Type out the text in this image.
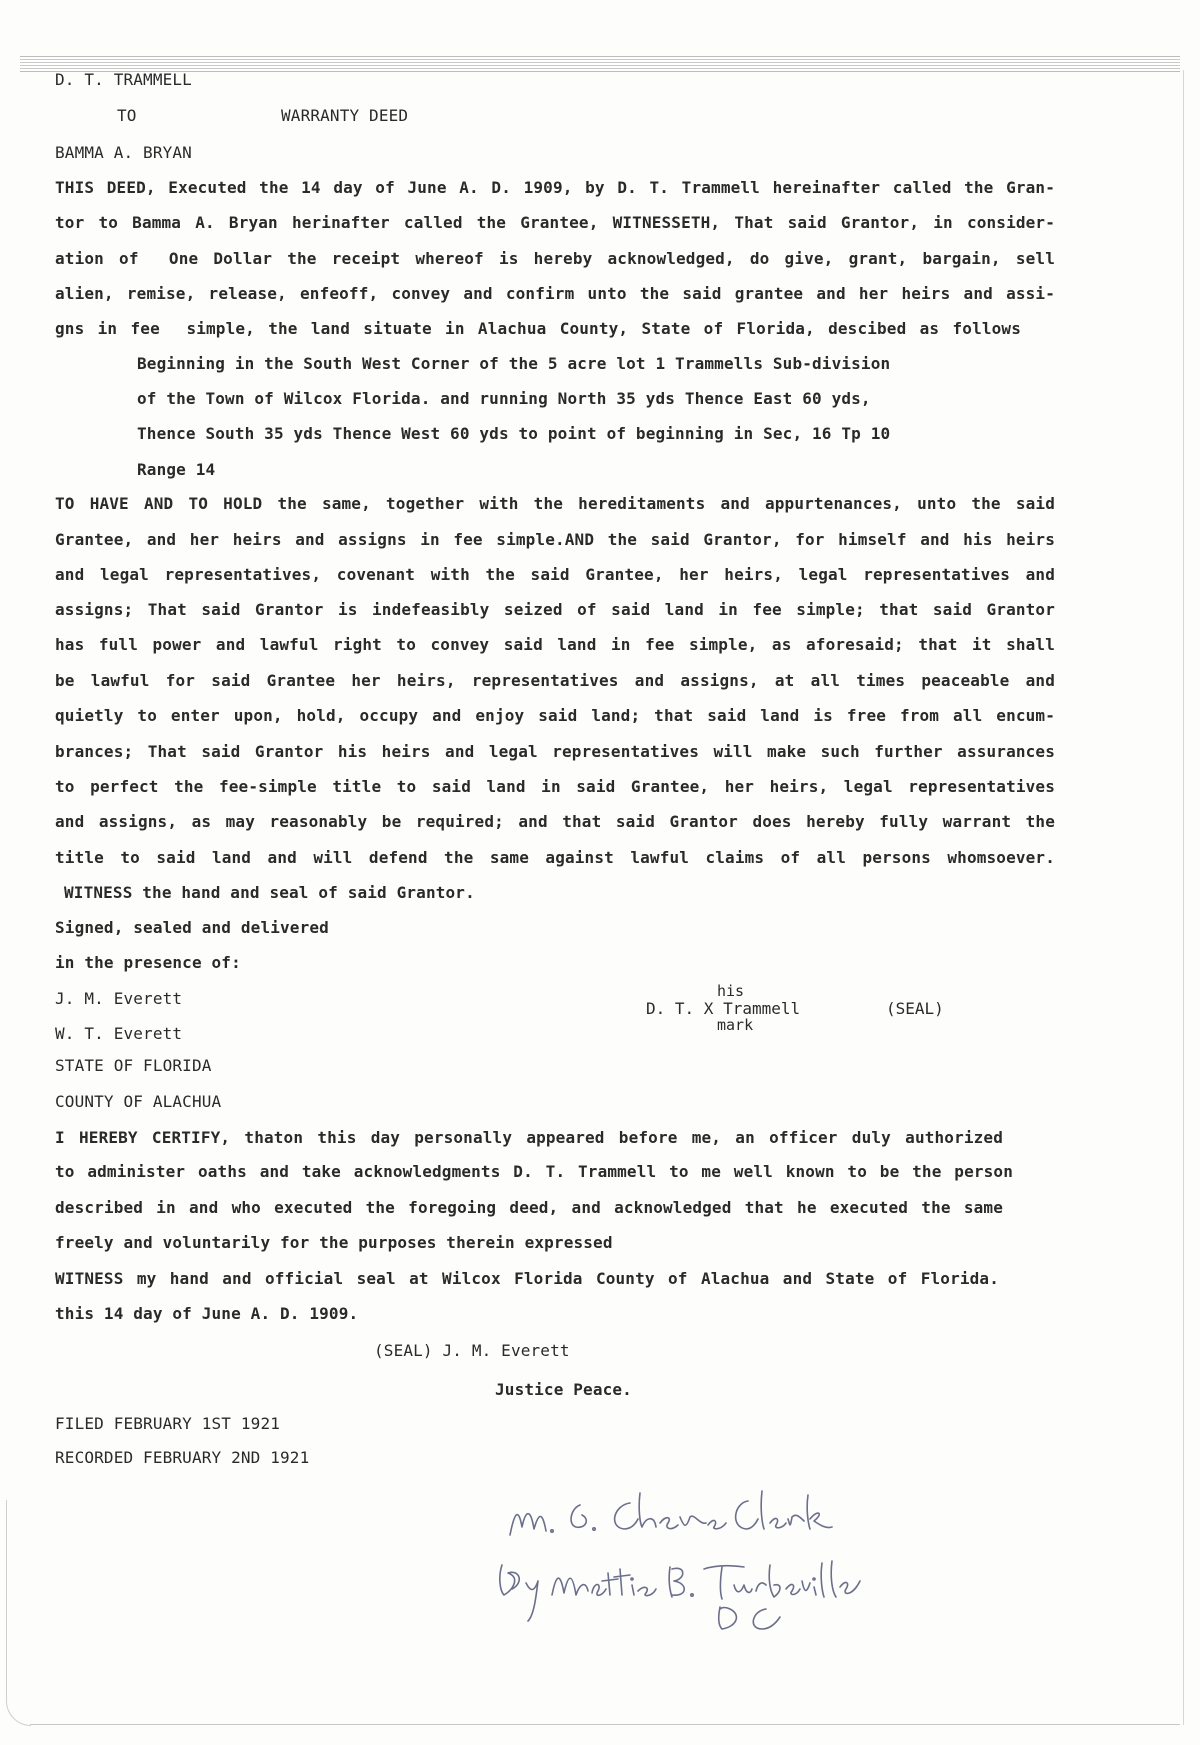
D. T. TRAMMELL
TO	WARRANTY DEED
BAMMA A. BRYAN
THIS DEED, Executed the 14 day of June A. D. 1909, by D. T. Trammell hereinafter called the Gran-
tor to Bamma A. Bryan herinafter called the Grantee, WITNESSETH, That said Grantor, in consider-
ation of  One Dollar the receipt whereof is hereby acknowledged, do give, grant, bargain, sell
alien, remise, release, enfeoff, convey and confirm unto the said grantee and her heirs and assi-
gns in fee  simple, the land situate in Alachua County, State of Florida, descibed as follows
Beginning in the South West Corner of the 5 acre lot 1 Trammells Sub-division
of the Town of Wilcox Florida. and running North 35 yds Thence East 60 yds,
Thence South 35 yds Thence West 60 yds to point of beginning in Sec, 16 Tp 10
Range 14
TO HAVE AND TO HOLD the same, together with the hereditaments and appurtenances, unto the said
Grantee, and her heirs and assigns in fee simple.AND the said Grantor, for himself and his heirs
and legal representatives, covenant with the said Grantee, her heirs, legal representatives and
assigns; That said Grantor is indefeasibly seized of said land in fee simple; that said Grantor
has full power and lawful right to convey said land in fee simple, as aforesaid; that it shall
be lawful for said Grantee her heirs, representatives and assigns, at all times peaceable and
quietly to enter upon, hold, occupy and enjoy said land; that said land is free from all encum-
brances; That said Grantor his heirs and legal representatives will make such further assurances
to perfect the fee-simple title to said land in said Grantee, her heirs, legal representatives
and assigns, as may reasonably be required; and that said Grantor does hereby fully warrant the
title to said land and will defend the same against lawful claims of all persons whomsoever.
WITNESS the hand and seal of said Grantor.
Signed, sealed and delivered
in the presence of:
J. M. Everett
W. T. Everett
his
D. T. X Trammell
mark
(SEAL)
STATE OF FLORIDA
COUNTY OF ALACHUA
I HEREBY CERTIFY, thaton this day personally appeared before me, an officer duly authorized
to administer oaths and take acknowledgments D. T. Trammell to me well known to be the person
described in and who executed the foregoing deed, and acknowledged that he executed the same
freely and voluntarily for the purposes therein expressed
WITNESS my hand and official seal at Wilcox Florida County of Alachua and State of Florida.
this 14 day of June A. D. 1909.
(SEAL) J. M. Everett
Justice Peace.
FILED FEBRUARY 1ST 1921
RECORDED FEBRUARY 2ND 1921
